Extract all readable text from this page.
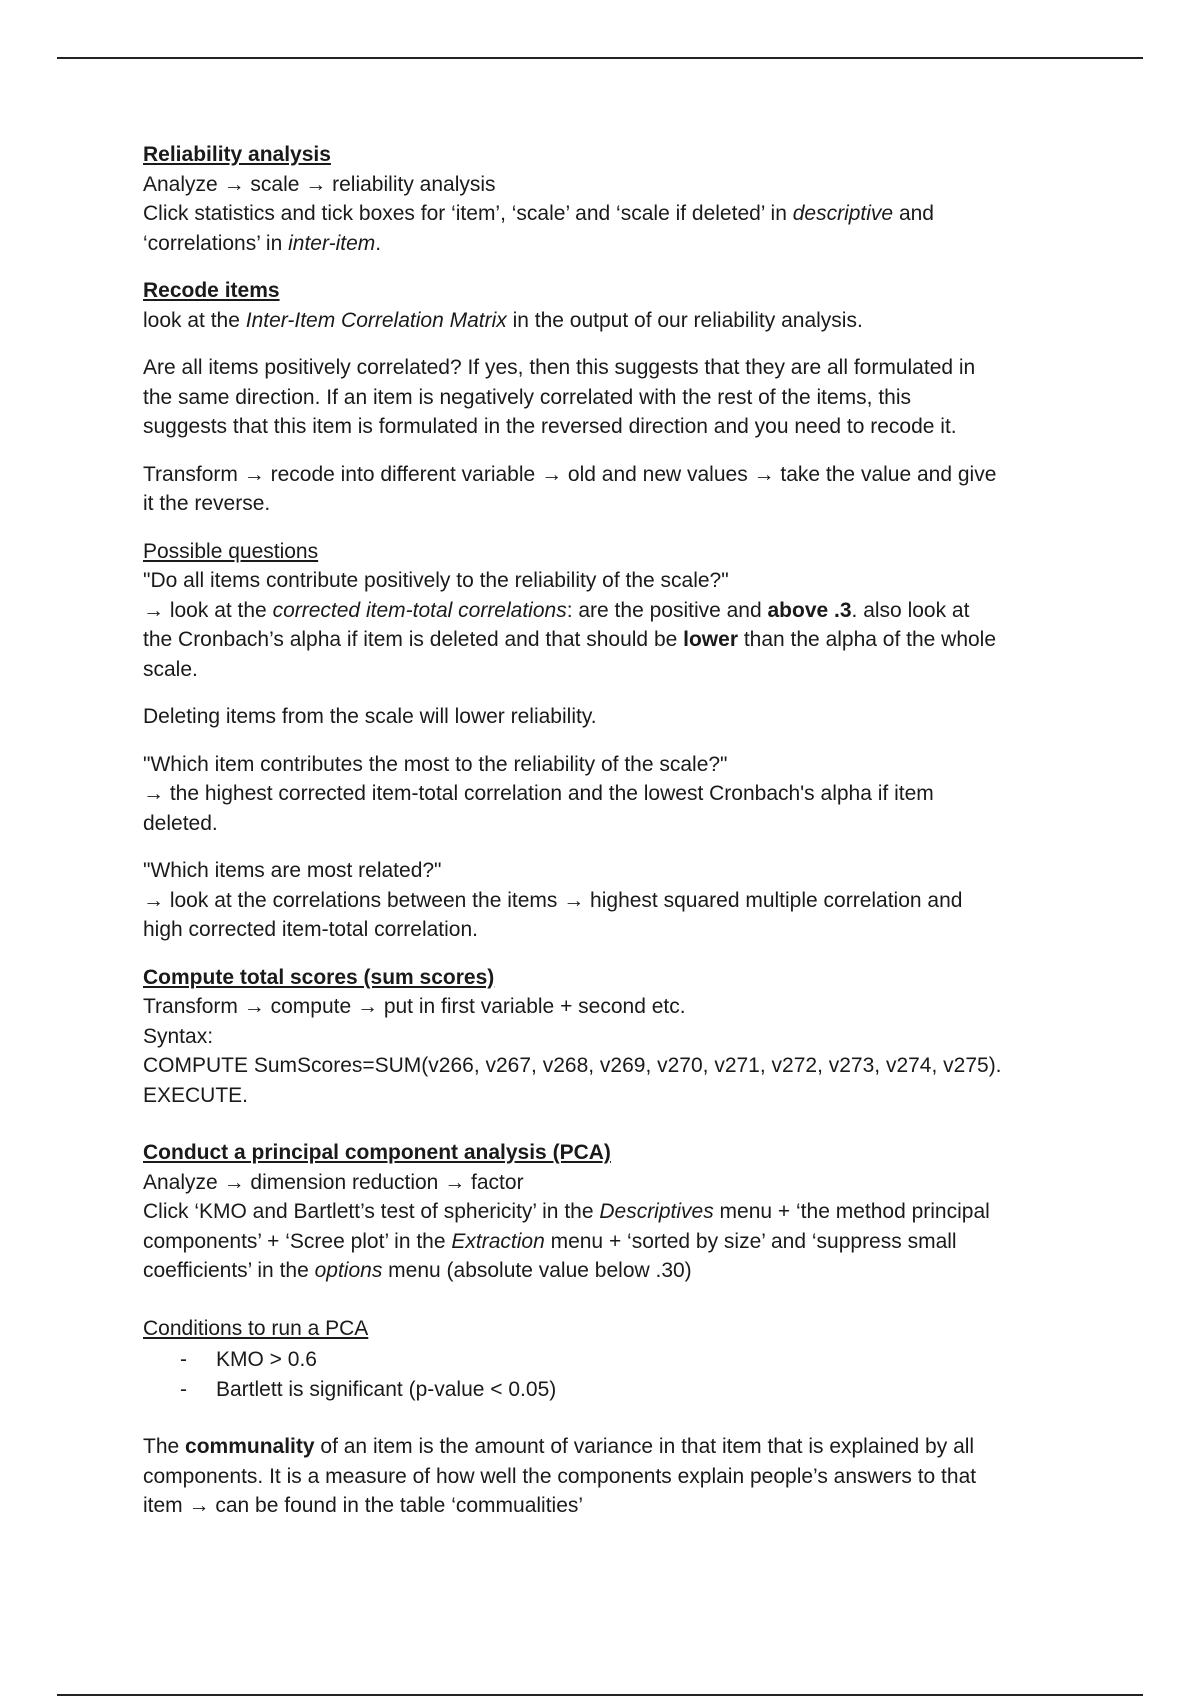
Reliability analysis
Analyze → scale → reliability analysis
Click statistics and tick boxes for ‘item’, ‘scale’ and ‘scale if deleted’ in descriptive and
‘correlations’ in inter-item.
Recode items
look at the Inter-Item Correlation Matrix in the output of our reliability analysis.
Are all items positively correlated? If yes, then this suggests that they are all formulated in
the same direction. If an item is negatively correlated with the rest of the items, this
suggests that this item is formulated in the reversed direction and you need to recode it.
Transform → recode into different variable → old and new values → take the value and give
it the reverse.
Possible questions
"Do all items contribute positively to the reliability of the scale?"
→ look at the corrected item-total correlations: are the positive and above .3. also look at
the Cronbach’s alpha if item is deleted and that should be lower than the alpha of the whole
scale.
Deleting items from the scale will lower reliability.
"Which item contributes the most to the reliability of the scale?"
→ the highest corrected item-total correlation and the lowest Cronbach's alpha if item
deleted.
"Which items are most related?"
→ look at the correlations between the items → highest squared multiple correlation and
high corrected item-total correlation.
Compute total scores (sum scores)
Transform → compute → put in first variable + second etc.
Syntax:
COMPUTE SumScores=SUM(v266, v267, v268, v269, v270, v271, v272, v273, v274, v275).
EXECUTE.
Conduct a principal component analysis (PCA)
Analyze → dimension reduction → factor
Click ‘KMO and Bartlett’s test of sphericity’ in the Descriptives menu + ‘the method principal
components’ + ‘Scree plot’ in the Extraction menu + ‘sorted by size’ and ‘suppress small
coefficients’ in the options menu (absolute value below .30)
Conditions to run a PCA
- KMO > 0.6
- Bartlett is significant (p-value < 0.05)
The communality of an item is the amount of variance in that item that is explained by all
components. It is a measure of how well the components explain people’s answers to that
item → can be found in the table ‘commualities’
